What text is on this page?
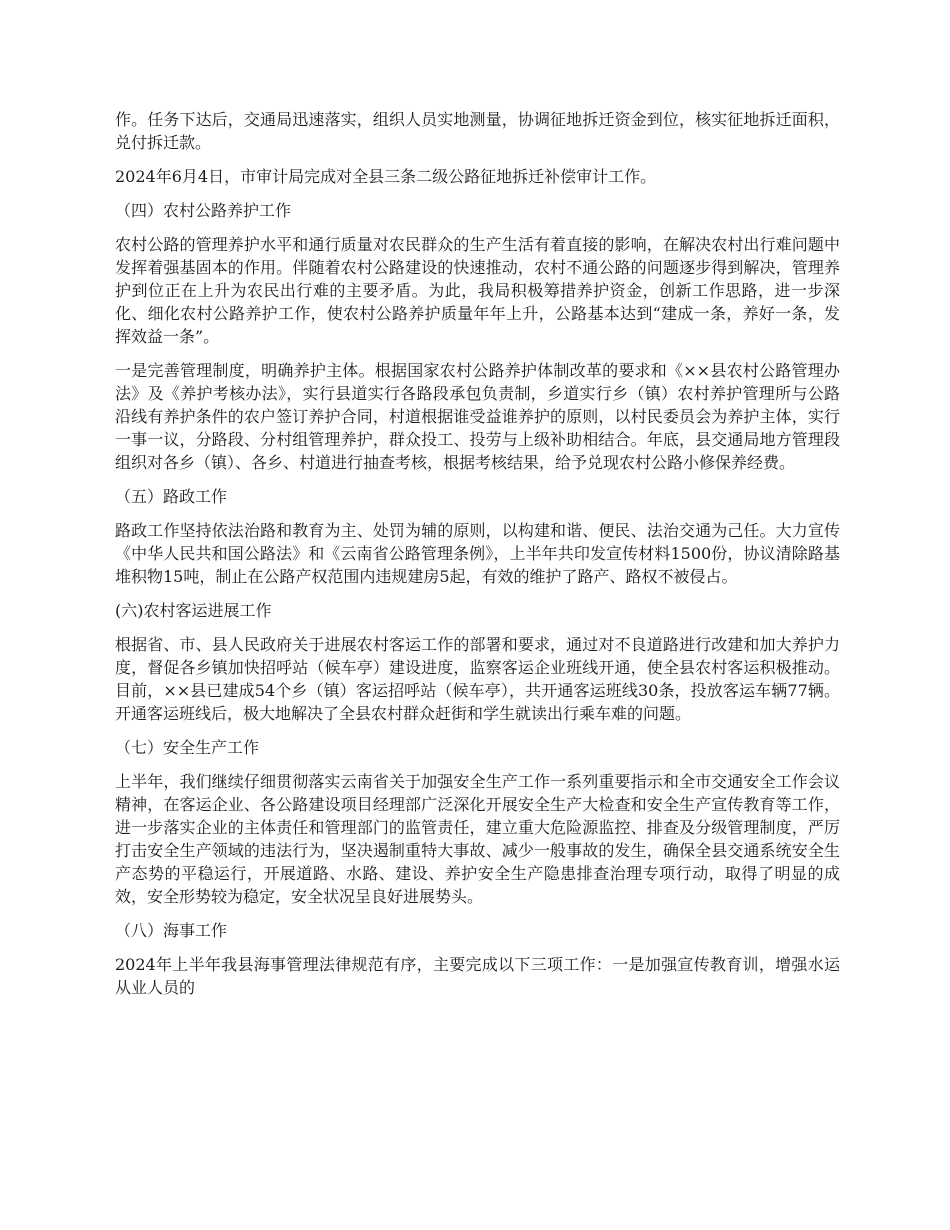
作。任务下达后，交通局迅速落实，组织人员实地测量，协调征地拆迁资金到位，核实征地拆迁面积，兑付拆迁款。

2024年6月4日，市审计局完成对全县三条二级公路征地拆迁补偿审计工作。

（四）农村公路养护工作

农村公路的管理养护水平和通行质量对农民群众的生产生活有着直接的影响，在解决农村出行难问题中发挥着强基固本的作用。伴随着农村公路建设的快速推动，农村不通公路的问题逐步得到解决，管理养护到位正在上升为农民出行难的主要矛盾。为此，我局积极筹措养护资金，创新工作思路，进一步深化、细化农村公路养护工作，使农村公路养护质量年年上升，公路基本达到“建成一条，养好一条，发挥效益一条”。

一是完善管理制度，明确养护主体。根据国家农村公路养护体制改革的要求和《××县农村公路管理办法》及《养护考核办法》，实行县道实行各路段承包负责制，乡道实行乡（镇）农村养护管理所与公路沿线有养护条件的农户签订养护合同，村道根据谁受益谁养护的原则，以村民委员会为养护主体，实行一事一议，分路段、分村组管理养护，群众投工、投劳与上级补助相结合。年底，县交通局地方管理段组织对各乡（镇）、各乡、村道进行抽查考核，根据考核结果，给予兑现农村公路小修保养经费。

（五）路政工作

路政工作坚持依法治路和教育为主、处罚为辅的原则，以构建和谐、便民、法治交通为己任。大力宣传《中华人民共和国公路法》和《云南省公路管理条例》，上半年共印发宣传材料1500份，协议清除路基堆积物15吨，制止在公路产权范围内违规建房5起，有效的维护了路产、路权不被侵占。

(六)农村客运进展工作

根据省、市、县人民政府关于进展农村客运工作的部署和要求，通过对不良道路进行改建和加大养护力度，督促各乡镇加快招呼站（候车亭）建设进度，监察客运企业班线开通，使全县农村客运积极推动。目前，××县已建成54个乡（镇）客运招呼站（候车亭），共开通客运班线30条，投放客运车辆77辆。开通客运班线后，极大地解决了全县农村群众赶街和学生就读出行乘车难的问题。

（七）安全生产工作

上半年，我们继续仔细贯彻落实云南省关于加强安全生产工作一系列重要指示和全市交通安全工作会议精神，在客运企业、各公路建设项目经理部广泛深化开展安全生产大检查和安全生产宣传教育等工作，进一步落实企业的主体责任和管理部门的监管责任，建立重大危险源监控、排查及分级管理制度，严厉打击安全生产领域的违法行为，坚决遏制重特大事故、减少一般事故的发生，确保全县交通系统安全生产态势的平稳运行，开展道路、水路、建设、养护安全生产隐患排查治理专项行动，取得了明显的成效，安全形势较为稳定，安全状况呈良好进展势头。

（八）海事工作

2024年上半年我县海事管理法律规范有序，主要完成以下三项工作：一是加强宣传教育训，增强水运从业人员的
